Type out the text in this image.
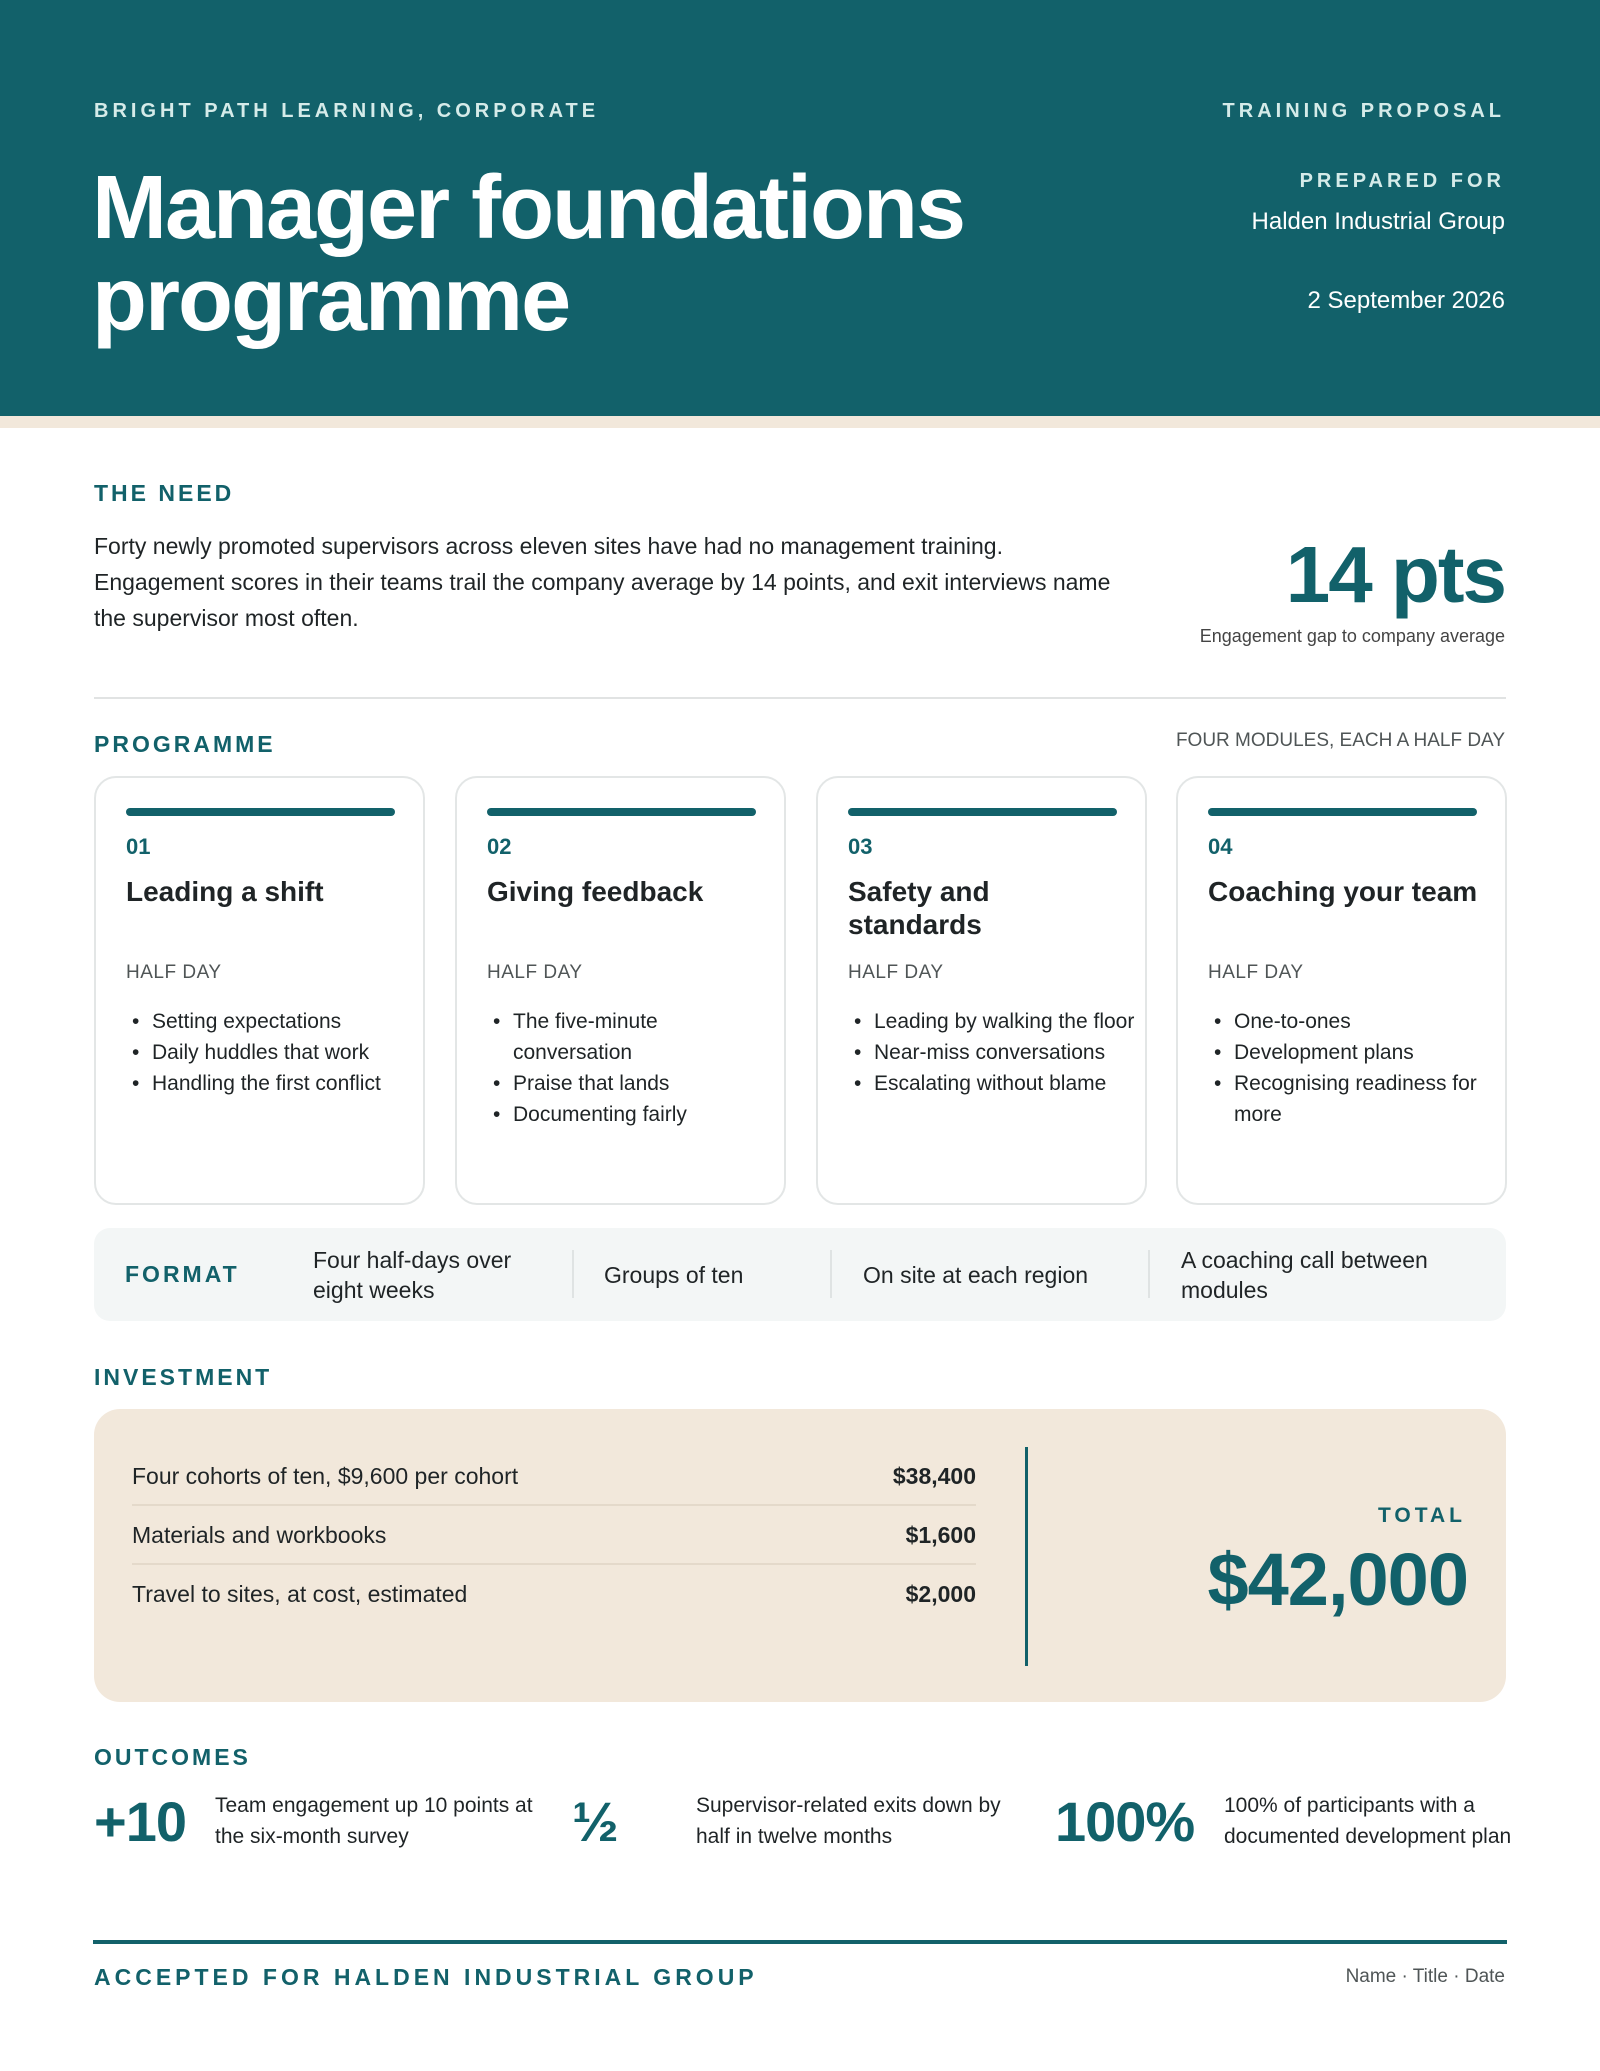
BRIGHT PATH LEARNING, CORPORATE	TRAINING PROPOSAL
Manager foundations
programme
PREPARED FOR
Halden Industrial Group
2 September 2026
THE NEED
Forty newly promoted supervisors across eleven sites have had no management training. Engagement scores in their teams trail the company average by 14 points, and exit interviews name the supervisor most often.	14 pts
Engagement gap to company average
PROGRAMME	FOUR MODULES, EACH A HALF DAY
01
Leading a shift
HALF DAY
• Setting expectations
• Daily huddles that work
• Handling the first conflict
02
Giving feedback
HALF DAY
• The five-minute conversation
• Praise that lands
• Documenting fairly
03
Safety and standards
HALF DAY
• Leading by walking the floor
• Near-miss conversations
• Escalating without blame
04
Coaching your team
HALF DAY
• One-to-ones
• Development plans
• Recognising readiness for more
FORMAT
Four half-days over eight weeks
Groups of ten	On site at each region
A coaching call between modules
INVESTMENT
Four cohorts of ten, $9,600 per cohort	$38,400
Materials and workbooks	$1,600
Travel to sites, at cost, estimated	$2,000
TOTAL
$42,000
OUTCOMES
+10 Team engagement up 10 points at the six-month survey	½	Supervisor-related exits down by half in twelve months	100% 100% of participants with a documented development plan
ACCEPTED FOR HALDEN INDUSTRIAL GROUP	Name · Title · Date
